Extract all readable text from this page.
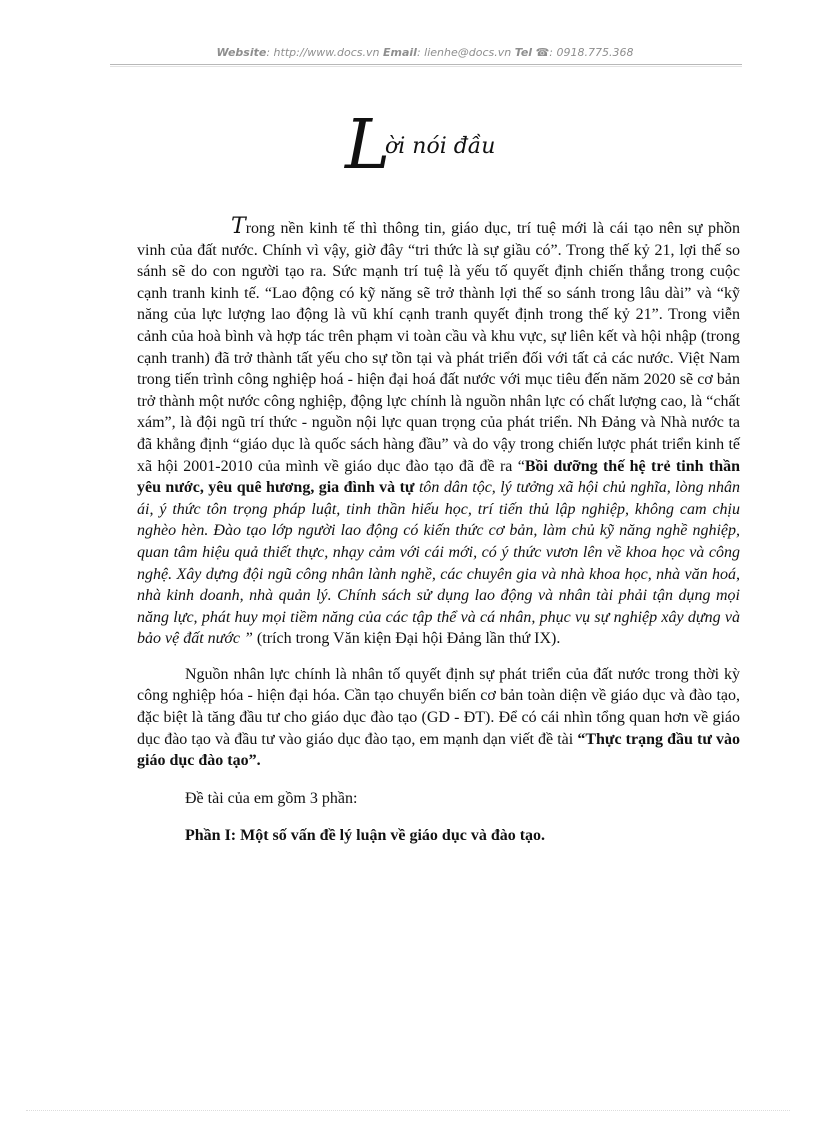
Website: http://www.docs.vn Email: lienhe@docs.vn Tel ☎: 0918.775.368
L
ời nói đầu

Trong nền kinh tế thì thông tin, giáo dục, trí tuệ mới là cái tạo nên sự phồn vinh của đất nước. Chính vì vậy, giờ đây “tri thức là sự giầu có”. Trong thế kỷ 21, lợi thế so sánh sẽ do con người tạo ra. Sức mạnh trí tuệ là yếu tố quyết định chiến thắng trong cuộc cạnh tranh kinh tế. “Lao động có kỹ năng sẽ trở thành lợi thế so sánh trong lâu dài” và “kỹ năng của lực lượng lao động là vũ khí cạnh tranh quyết định trong thế kỷ 21”. Trong viễn cảnh của hoà bình và hợp tác trên phạm vi toàn cầu và khu vực, sự liên kết và hội nhập (trong cạnh tranh) đã trở thành tất yếu cho sự tồn tại và phát triển đối với tất cả các nước. Việt Nam trong tiến trình công nghiệp hoá - hiện đại hoá đất nước với mục tiêu đến năm 2020 sẽ cơ bản trở thành một nước công nghiệp, động lực chính là nguồn nhân lực có chất lượng cao, là “chất xám”, là đội ngũ trí thức - nguồn nội lực quan trọng của phát triển. Nh Đảng và Nhà nước ta đã khẳng định “giáo dục là quốc sách hàng đầu” và do vậy trong chiến lược phát triển kinh tế xã hội 2001-2010 của mình về giáo dục đào tạo đã đề ra “Bồi dưỡng thế hệ trẻ tinh thần yêu nước, yêu quê hương, gia đình và tự tôn dân tộc, lý tưởng xã hội chủ nghĩa, lòng nhân ái, ý thức tôn trọng pháp luật, tinh thần hiếu học, trí tiến thủ lập nghiệp, không cam chịu nghèo hèn. Đào tạo lớp người lao động có kiến thức cơ bản, làm chủ kỹ năng nghề nghiệp, quan tâm hiệu quả thiết thực, nhạy cảm với cái mới, có ý thức vươn lên về khoa học và công nghệ. Xây dựng đội ngũ công nhân lành nghề, các chuyên gia và nhà khoa học, nhà văn hoá, nhà kinh doanh, nhà quản lý. Chính sách sử dụng lao động và nhân tài phải tận dụng mọi năng lực, phát huy mọi tiềm năng của các tập thể và cá nhân, phục vụ sự nghiệp xây dựng và bảo vệ đất nước ” (trích trong Văn kiện Đại hội Đảng lần thứ IX).

Nguồn nhân lực chính là nhân tố quyết định sự phát triển của đất nước trong thời kỳ công nghiệp hóa - hiện đại hóa. Cần tạo chuyển biến cơ bản toàn diện về giáo dục và đào tạo, đặc biệt là tăng đầu tư cho giáo dục đào tạo (GD - ĐT). Để có cái nhìn tổng quan hơn về giáo dục đào tạo và đầu tư vào giáo dục đào tạo, em mạnh dạn viết đề tài “Thực trạng đầu tư vào giáo dục đào tạo”.

Đề tài của em gồm 3 phần:

Phần I: Một số vấn đề lý luận về giáo dục và đào tạo.
